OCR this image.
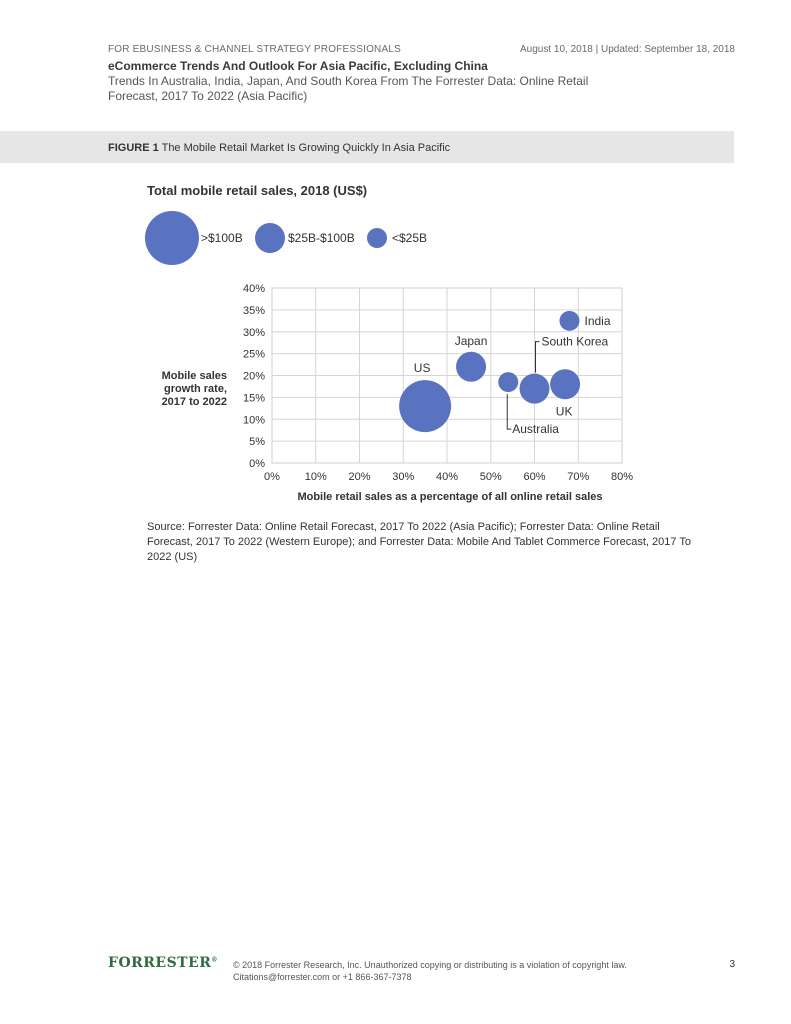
FOR EBUSINESS & CHANNEL STRATEGY PROFESSIONALS	August 10, 2018 | Updated: September 18, 2018
eCommerce Trends And Outlook For Asia Pacific, Excluding China
Trends In Australia, India, Japan, And South Korea From The Forrester Data: Online Retail Forecast, 2017 To 2022 (Asia Pacific)
FIGURE 1 The Mobile Retail Market Is Growing Quickly In Asia Pacific
Total mobile retail sales, 2018 (US$)
>$100B	$25B-$100B	<$25B
0%
5%
10%
15%
20%
25%
30%
35%
40%
0% 10% 20% 30% 40% 50% 60% 70% 80%
Mobile sales
growth rate,
2017 to 2022
Mobile retail sales as a percentage of all online retail sales
US
Japan
India
UK
Australia
South Korea
Source: Forrester Data: Online Retail Forecast, 2017 To 2022 (Asia Pacific); Forrester Data: Online Retail Forecast, 2017 To 2022 (Western Europe); and Forrester Data: Mobile And Tablet Commerce Forecast, 2017 To 2022 (US)
FORRESTER®
© 2018 Forrester Research, Inc. Unauthorized copying or distributing is a violation of copyright law.
Citations@forrester.com or +1 866-367-7378
3
